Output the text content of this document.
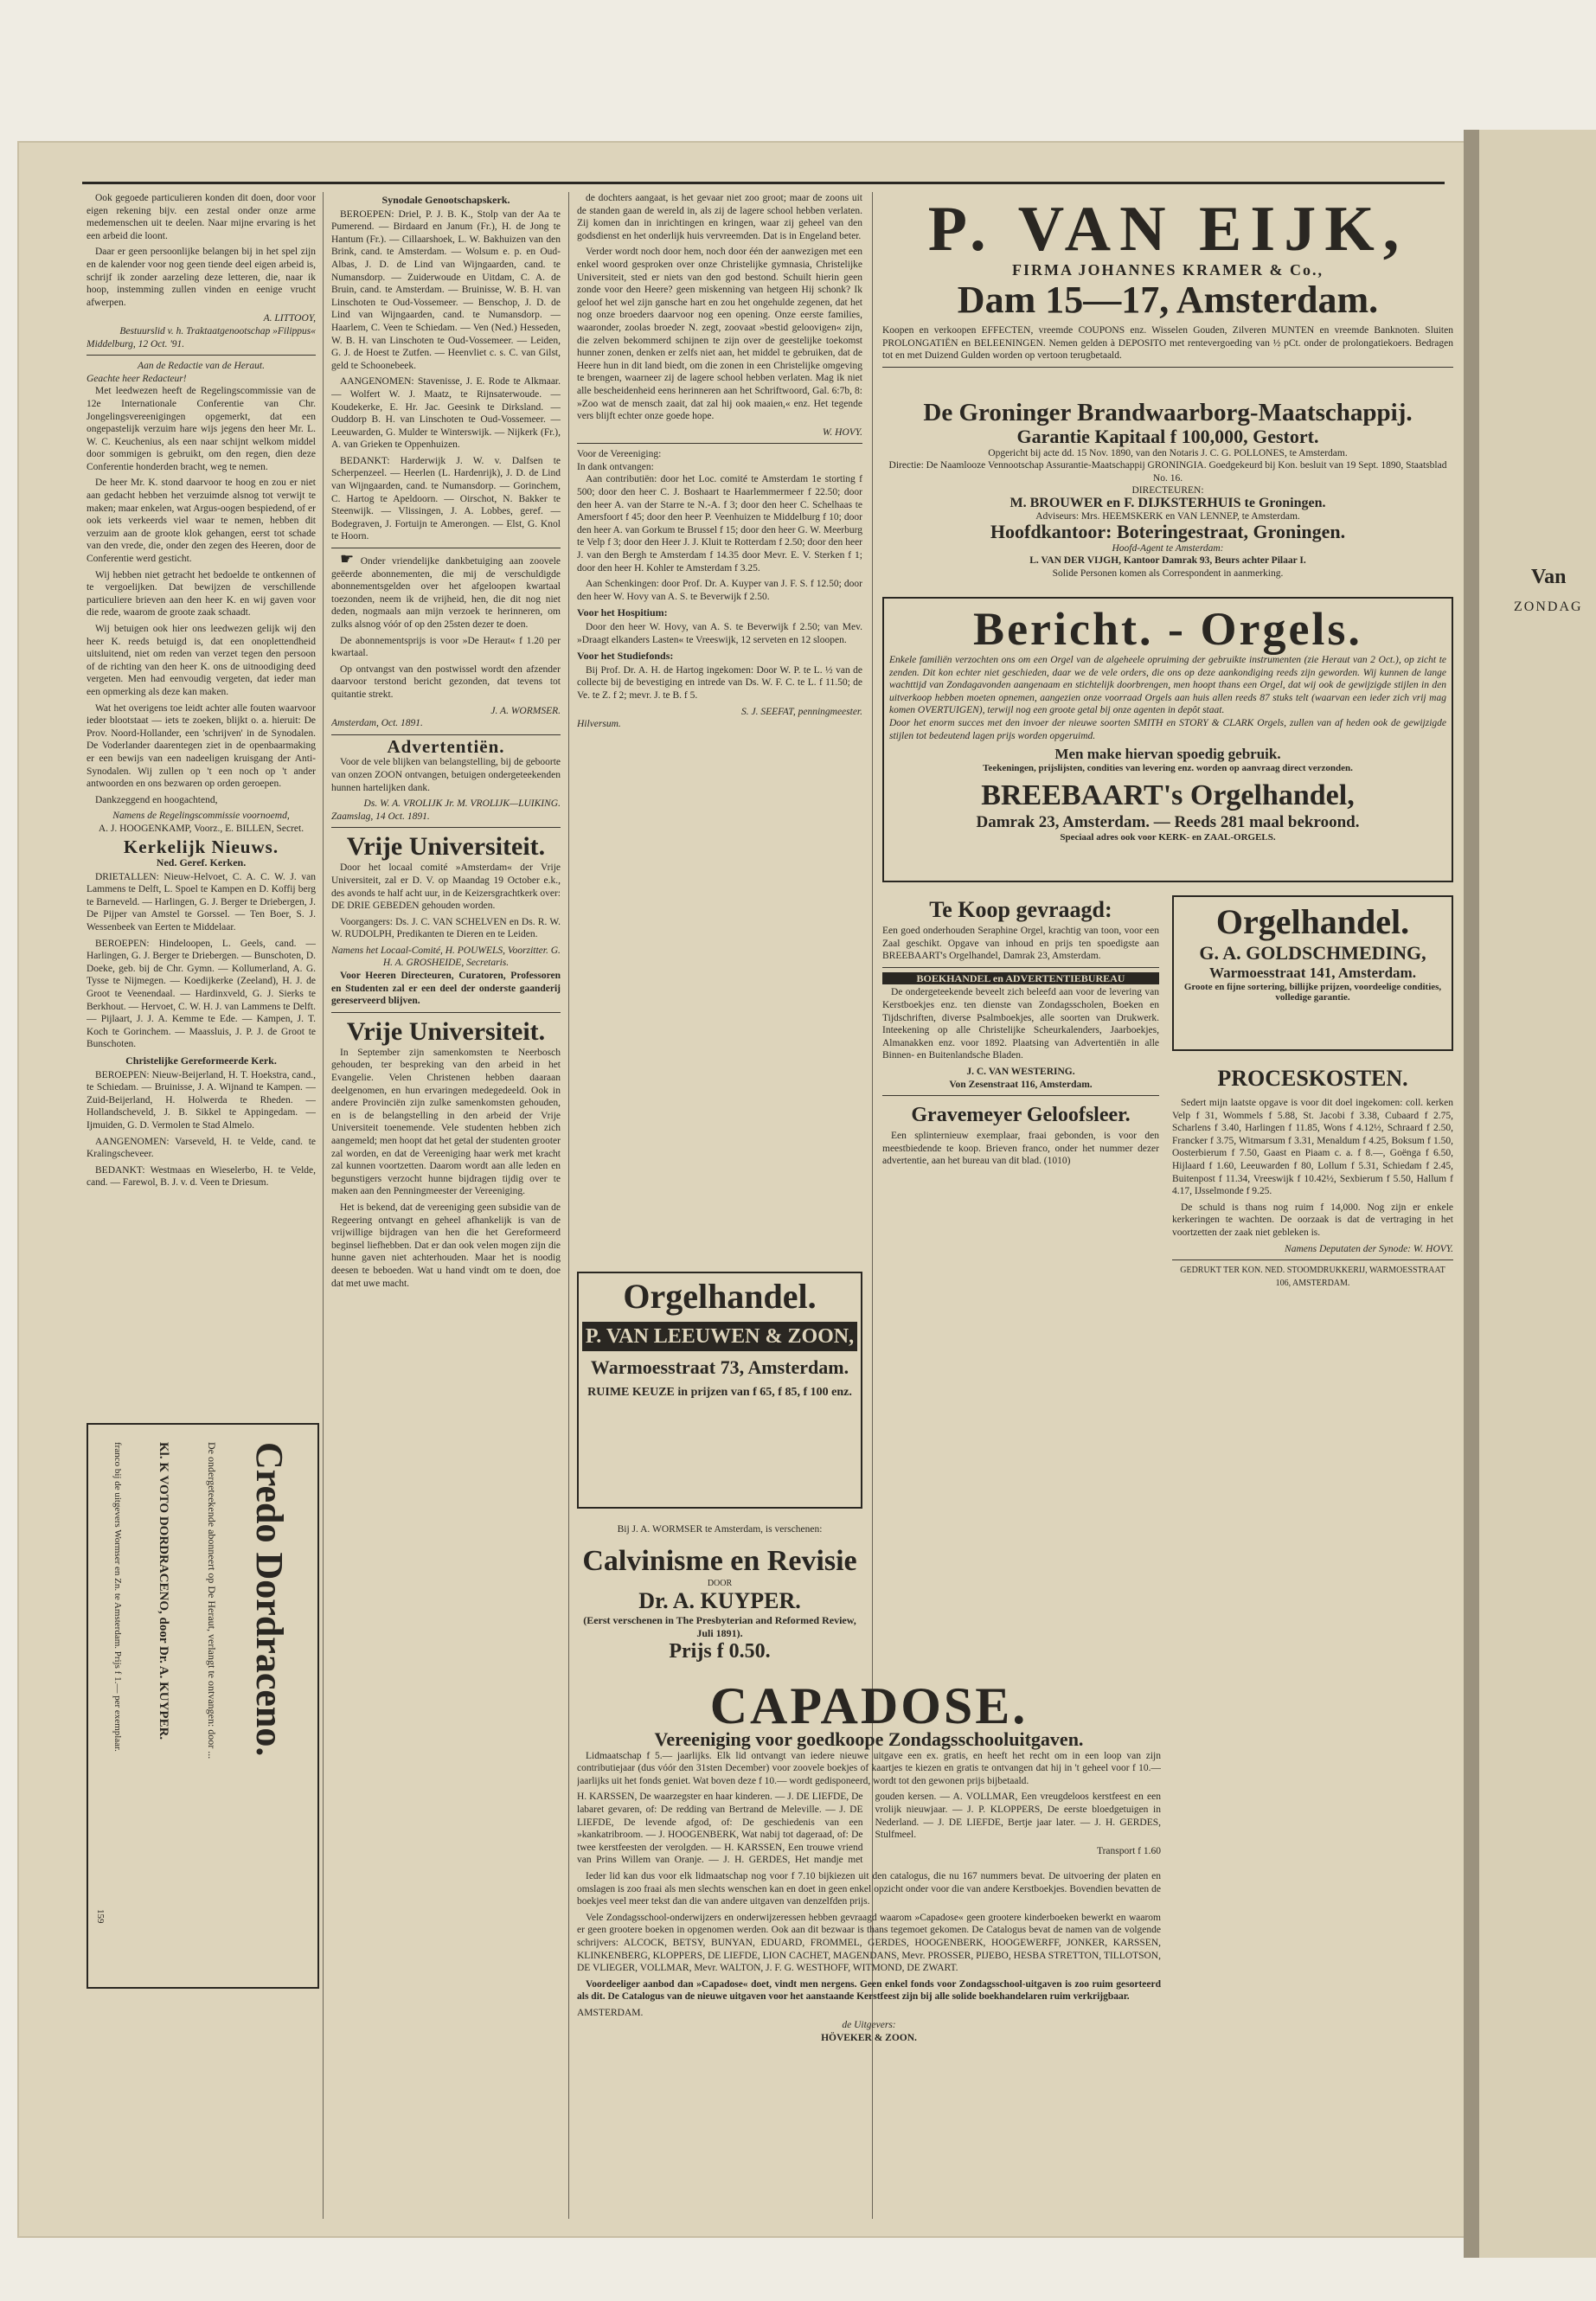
Van
ZONDAG

Ook gegoede particulieren konden dit doen, door voor eigen rekening bijv. een zestal onder onze arme medemenschen uit te deelen. Naar mijne ervaring is het een arbeid die loont.

Daar er geen persoonlijke belangen bij in het spel zijn en de kalender voor nog geen tiende deel eigen arbeid is, schrijf ik zonder aarzeling deze letteren, die, naar ik hoop, instemming zullen vinden en eenige vrucht afwerpen.

A. LITTOOY,
Bestuurslid v. h. Traktaatgenootschap »Filippus«
Middelburg, 12 Oct. '91.
Aan de Redactie van de Heraut.
Geachte heer Redacteur!

Met leedwezen heeft de Regelingscommissie van de 12e Internationale Conferentie van Chr. Jongelingsvereenigingen opgemerkt, dat een ongepastelijk verzuim hare wijs jegens den heer Mr. L. W. C. Keuchenius, als een naar schijnt welkom middel door sommigen is gebruikt, om den regen, dien deze Conferentie honderden bracht, weg te nemen.

De heer Mr. K. stond daarvoor te hoog en zou er niet aan gedacht hebben het verzuimde alsnog tot verwijt te maken; maar enkelen, wat Argus-oogen bespiedend, of er ook iets verkeerds viel waar te nemen, hebben dit verzuim aan de groote klok gehangen, eerst tot schade van den vrede, die, onder den zegen des Heeren, door de Conferentie werd gesticht.

Wij hebben niet getracht het bedoelde te ontkennen of te vergoelijken. Dat bewijzen de verschillende particuliere brieven aan den heer K. en wij gaven voor die rede, waarom de groote zaak schaadt.

Wij betuigen ook hier ons leedwezen gelijk wij den heer K. reeds betuigd is, dat een onoplettendheid uitsluitend, niet om reden van verzet tegen den persoon of de richting van den heer K. ons de uitnoodiging deed vergeten. Men had eenvoudig vergeten, dat ieder man een opmerking als deze kan maken.

Wat het overigens toe leidt achter alle fouten waarvoor ieder blootstaat — iets te zoeken, blijkt o. a. hieruit: De Prov. Noord-Hollander, een 'schrijven' in de Synodalen. De Voderlander daarentegen ziet in de openbaarmaking er een bewijs van een nadeeligen kruisgang der Anti-Synodalen. Wij zullen op 't een noch op 't ander antwoorden en ons bezwaren op orden geroepen.

Dankzeggend en hoogachtend,

Namens de Regelingscommissie voornoemd,
A. J. HOOGENKAMP, Voorz., E. BILLEN, Secret.
Kerkelijk Nieuws.
Ned. Geref. Kerken.

DRIETALLEN: Nieuw-Helvoet, C. A. C. W. J. van Lammens te Delft, L. Spoel te Kampen en D. Koffij berg te Barneveld. — Harlingen, G. J. Berger te Driebergen, J. De Pijper van Amstel te Gorssel. — Ten Boer, S. J. Wessenbeek van Eerten te Middelaar.

BEROEPEN: Hindeloopen, L. Geels, cand. — Harlingen, G. J. Berger te Driebergen. — Bunschoten, D. Doeke, geb. bij de Chr. Gymn. — Kollumerland, A. G. Tysse te Nijmegen. — Koedijkerke (Zeeland), H. J. de Groot te Veenendaal. — Hardinxveld, G. J. Sierks te Berkhout. — Hervoet, C. W. H. J. van Lammens te Delft. — Pijlaart, J. J. A. Kemme te Ede. — Kampen, J. T. Koch te Gorinchem. — Maassluis, J. P. J. de Groot te Bunschoten.

Christelijke Gereformeerde Kerk.

BEROEPEN: Nieuw-Beijerland, H. T. Hoekstra, cand., te Schiedam. — Bruinisse, J. A. Wijnand te Kampen. — Zuid-Beijerland, H. Holwerda te Rheden. — Hollandscheveld, J. B. Sikkel te Appingedam. — Ijmuiden, G. D. Vermolen te Stad Almelo.

AANGENOMEN: Varseveld, H. te Velde, cand. te Kralingscheveer.

BEDANKT: Westmaas en Wieselerbo, H. te Velde, cand. — Farewol, B. J. v. d. Veen te Driesum.

Credo Dordraceno.
De ondergeteekende abonneert op De Heraut, verlangt te ontvangen: door ...
Kl. K VOTO DORDRACENO, door Dr. A. KUYPER.
franco bij de uitgevers Wormser en Zn. te Amsterdam. Prijs f 1.— per exemplaar.
159
Synodale Genootschapskerk.

BEROEPEN: Driel, P. J. B. K., Stolp van der Aa te Pumerend. — Birdaard en Janum (Fr.), H. de Jong te Hantum (Fr.). — Cillaarshoek, L. W. Bakhuizen van den Brink, cand. te Amsterdam. — Wolsum e. p. en Oud-Albas, J. D. de Lind van Wijngaarden, cand. te Numansdorp. — Zuiderwoude en Uitdam, C. A. de Bruin, cand. te Amsterdam. — Bruinisse, W. B. H. van Linschoten te Oud-Vossemeer. — Benschop, J. D. de Lind van Wijngaarden, cand. te Numansdorp. — Haarlem, C. Veen te Schiedam. — Ven (Ned.) Hesseden, W. B. H. van Linschoten te Oud-Vossemeer. — Leiden, G. J. de Hoest te Zutfen. — Heenvliet c. s. C. van Gilst, geld te Schoonebeek.

AANGENOMEN: Stavenisse, J. E. Rode te Alkmaar. — Wolfert W. J. Maatz, te Rijnsaterwoude. — Koudekerke, E. Hr. Jac. Geesink te Dirksland. — Ouddorp B. H. van Linschoten te Oud-Vossemeer. — Leeuwarden, G. Mulder te Winterswijk. — Nijkerk (Fr.), A. van Grieken te Oppenhuizen.

BEDANKT: Harderwijk J. W. v. Dalfsen te Scherpenzeel. — Heerlen (L. Hardenrijk), J. D. de Lind van Wijngaarden, cand. te Numansdorp. — Gorinchem, C. Hartog te Apeldoorn. — Oirschot, N. Bakker te Steenwijk. — Vlissingen, J. A. Lobbes, geref. — Bodegraven, J. Fortuijn te Amerongen. — Elst, G. Knol te Hoorn.

☛ Onder vriendelijke dankbetuiging aan zoovele geëerde abonnementen, die mij de verschuldigde abonnementsgelden over het afgeloopen kwartaal toezonden, neem ik de vrijheid, hen, die dit nog niet deden, nogmaals aan mijn verzoek te herinneren, om zulks alsnog vóór of op den 25sten dezer te doen.

De abonnementsprijs is voor »De Heraut« f 1.20 per kwartaal.

Op ontvangst van den postwissel wordt den afzender daarvoor terstond bericht gezonden, dat tevens tot quitantie strekt.

J. A. WORMSER.
Amsterdam, Oct. 1891.
Advertentiën.

Voor de vele blijken van belangstelling, bij de geboorte van onzen ZOON ontvangen, betuigen ondergeteekenden hunnen hartelijken dank.

Ds. W. A. VROLIJK Jr. M. VROLIJK—LUIKING.
Zaamslag, 14 Oct. 1891.
Vrije Universiteit.

Door het locaal comité »Amsterdam« der Vrije Universiteit, zal er D. V. op Maandag 19 October e.k., des avonds te half acht uur, in de Keizersgrachtkerk over: DE DRIE GEBEDEN gehouden worden.

Voorgangers: Ds. J. C. VAN SCHELVEN en Ds. R. W. W. RUDOLPH, Predikanten te Dieren en te Leiden.

Namens het Locaal-Comité, H. POUWELS, Voorzitter. G. H. A. GROSHEIDE, Secretaris.

Voor Heeren Directeuren, Curatoren, Professoren en Studenten zal er een deel der onderste gaanderij gereserveerd blijven.

Vrije Universiteit.

In September zijn samenkomsten te Neerbosch gehouden, ter bespreking van den arbeid in het Evangelie. Velen Christenen hebben daaraan deelgenomen, en hun ervaringen medegedeeld. Ook in andere Provinciën zijn zulke samenkomsten gehouden, en is de belangstelling in den arbeid der Vrije Universiteit toenemende. Vele studenten hebben zich aangemeld; men hoopt dat het getal der studenten grooter zal worden, en dat de Vereeniging haar werk met kracht zal kunnen voortzetten. Daarom wordt aan alle leden en begunstigers verzocht hunne bijdragen tijdig over te maken aan den Penningmeester der Vereeniging.

Het is bekend, dat de vereeniging geen subsidie van de Regeering ontvangt en geheel afhankelijk is van de vrijwillige bijdragen van hen die het Gereformeerd beginsel liefhebben. Dat er dan ook velen mogen zijn die hunne gaven niet achterhouden. Maar het is noodig deesen te beboeden. Wat u hand vindt om te doen, doe dat met uwe macht.

de dochters aangaat, is het gevaar niet zoo groot; maar de zoons uit de standen gaan de wereld in, als zij de lagere school hebben verlaten. Zij komen dan in inrichtingen en kringen, waar zij geheel van den godsdienst en het onderlijk huis vervreemden. Dat is in Engeland beter.

Verder wordt noch door hem, noch door één der aanwezigen met een enkel woord gesproken over onze Christelijke gymnasia, Christelijke Universiteit, sted er niets van den god bestond. Schuilt hierin geen zonde voor den Heere? geen miskenning van hetgeen Hij schonk? Ik geloof het wel zijn gansche hart en zou het ongehulde zegenen, dat het nog onze broeders daarvoor nog een opening. Onze eerste families, waaronder, zoolas broeder N. zegt, zoovaat »bestid geloovigen« zijn, die zelven bekommerd schijnen te zijn over de geestelijke toekomst hunner zonen, denken er zelfs niet aan, het middel te gebruiken, dat de Heere hun in dit land biedt, om die zonen in een Christelijke omgeving te brengen, waarneer zij de lagere school hebben verlaten. Mag ik niet alle bescheidenheid eens herinneren aan het Schriftwoord, Gal. 6:7b, 8: »Zoo wat de mensch zaait, dat zal hij ook maaien,« enz. Het tegende vers blijft echter onze goede hope.

W. HOVY.
Voor de Vereeniging:
In dank ontvangen:

Aan contributiën: door het Loc. comité te Amsterdam 1e storting f 500; door den heer C. J. Boshaart te Haarlemmermeer f 22.50; door den heer A. van der Starre te N.-A. f 3; door den heer C. Schelhaas te Amersfoort f 45; door den heer P. Veenhuizen te Middelburg f 10; door den heer A. van Gorkum te Brussel f 15; door den heer G. W. Meerburg te Velp f 3; door den Heer J. J. Kluit te Rotterdam f 2.50; door den heer J. van den Bergh te Amsterdam f 14.35 door Mevr. E. V. Sterken f 1; door den heer H. Kohler te Amsterdam f 3.25.

Aan Schenkingen: door Prof. Dr. A. Kuyper van J. F. S. f 12.50; door den heer W. Hovy van A. S. te Beverwijk f 2.50.

Voor het Hospitium:

Door den heer W. Hovy, van A. S. te Beverwijk f 2.50; van Mev. »Draagt elkanders Lasten« te Vreeswijk, 12 serveten en 12 sloopen.

Voor het Studiefonds:

Bij Prof. Dr. A. H. de Hartog ingekomen: Door W. P. te L. ½ van de collecte bij de bevestiging en intrede van Ds. W. F. C. te L. f 11.50; de Ve. te Z. f 2; mevr. J. te B. f 5.

S. J. SEEFAT, penningmeester.
Hilversum.
Orgelhandel.
P. VAN LEEUWEN & ZOON,
Warmoesstraat 73, Amsterdam.
RUIME KEUZE in prijzen van f 65, f 85, f 100 enz.
Bij J. A. WORMSER te Amsterdam, is verschenen:
Calvinisme en Revisie
DOOR
Dr. A. KUYPER.
(Eerst verschenen in The Presbyterian and Reformed Review, Juli 1891).
Prijs f 0.50.
P. VAN EIJK,
FIRMA JOHANNES KRAMER & Co.,
Dam 15—17, Amsterdam.
Koopen en verkoopen EFFECTEN, vreemde COUPONS enz. Wisselen Gouden, Zilveren MUNTEN en vreemde Banknoten. Sluiten PROLONGATIËN en BELEENINGEN. Nemen gelden à DEPOSITO met rentevergoeding van ½ pCt. onder de prolongatiekoers. Bedragen tot en met Duizend Gulden worden op vertoon terugbetaald.
De Groninger Brandwaarborg-Maatschappij.
Garantie Kapitaal f 100,000, Gestort.
Opgericht bij acte dd. 15 Nov. 1890, van den Notaris J. C. G. POLLONES, te Amsterdam.
Directie: De Naamlooze Vennootschap Assurantie-Maatschappij GRONINGIA. Goedgekeurd bij Kon. besluit van 19 Sept. 1890, Staatsblad No. 16.
DIRECTEUREN:
M. BROUWER en F. DIJKSTERHUIS te Groningen.
Adviseurs: Mrs. HEEMSKERK en VAN LENNEP, te Amsterdam.
Hoofdkantoor: Boteringestraat, Groningen.
Hoofd-Agent te Amsterdam:
L. VAN DER VIJGH, Kantoor Damrak 93, Beurs achter Pilaar I.
Solide Personen komen als Correspondent in aanmerking.
Bericht. - Orgels.
Enkele familiën verzochten ons om een Orgel van de algeheele opruiming der gebruikte instrumenten (zie Heraut van 2 Oct.), op zicht te zenden. Dit kon echter niet geschieden, daar we de vele orders, die ons op deze aankondiging reeds zijn geworden. Wij kunnen de lange wachttijd van Zondagavonden aangenaam en stichtelijk doorbrengen, men hoopt thans een Orgel, dat wij ook de gewijzigde stijlen in den uitverkoop hebben moeten opnemen, aangezien onze voorraad Orgels aan huis allen reeds 87 stuks telt (waarvan een ieder zich vrij mag komen OVERTUIGEN), terwijl nog een groote getal bij onze agenten in depôt staat.
Door het enorm succes met den invoer der nieuwe soorten SMITH en STORY & CLARK Orgels, zullen van af heden ook de gewijzigde stijlen tot bedeutend lagen prijs worden opgeruimd.
Men make hiervan spoedig gebruik.
Teekeningen, prijslijsten, condities van levering enz. worden op aanvraag direct verzonden.
BREEBAART's Orgelhandel,
Damrak 23, Amsterdam. — Reeds 281 maal bekroond.
Speciaal adres ook voor KERK- en ZAAL-ORGELS.
Te Koop gevraagd:

Een goed onderhouden Seraphine Orgel, krachtig van toon, voor een Zaal geschikt. Opgave van inhoud en prijs ten spoedigste aan BREEBAART's Orgelhandel, Damrak 23, Amsterdam.

BOEKHANDEL en ADVERTENTIEBUREAU

De ondergeteekende beveelt zich beleefd aan voor de levering van Kerstboekjes enz. ten dienste van Zondagsscholen, Boeken en Tijdschriften, diverse Psalmboekjes, alle soorten van Drukwerk. Inteekening op alle Christelijke Scheurkalenders, Jaarboekjes, Almanakken enz. voor 1892. Plaatsing van Advertentiën in alle Binnen- en Buitenlandsche Bladen.

J. C. VAN WESTERING.
Von Zesenstraat 116, Amsterdam.
Gravemeyer Geloofsleer.

Een splinternieuw exemplaar, fraai gebonden, is voor den meestbiedende te koop. Brieven franco, onder het nummer dezer advertentie, aan het bureau van dit blad. (1010)

Orgelhandel.
G. A. GOLDSCHMEDING,
Warmoesstraat 141, Amsterdam.
Groote en fijne sortering, billijke prijzen, voordeelige condities, volledige garantie.
PROCESKOSTEN.

Sedert mijn laatste opgave is voor dit doel ingekomen: coll. kerken Velp f 31, Wommels f 5.88, St. Jacobi f 3.38, Cubaard f 2.75, Scharlens f 3.40, Harlingen f 11.85, Wons f 4.12½, Schraard f 2.50, Francker f 3.75, Witmarsum f 3.31, Menaldum f 4.25, Boksum f 1.50, Oosterbierum f 7.50, Gaast en Piaam c. a. f 8.—, Goënga f 6.50, Hijlaard f 1.60, Leeuwarden f 80, Lollum f 5.31, Schiedam f 2.45, Buitenpost f 11.34, Vreeswijk f 10.42½, Sexbierum f 5.50, Hallum f 4.17, IJsselmonde f 9.25.

De schuld is thans nog ruim f 14,000. Nog zijn er enkele kerkeringen te wachten. De oorzaak is dat de vertraging in het voortzetten der zaak niet gebleken is.

Namens Deputaten der Synode: W. HOVY.
GEDRUKT TER KON. NED. STOOMDRUKKERIJ, WARMOESSTRAAT 106, AMSTERDAM.
CAPADOSE.
Vereeniging voor goedkoope Zondagsschooluitgaven.

Lidmaatschap f 5.— jaarlijks. Elk lid ontvangt van iedere nieuwe uitgave een ex. gratis, en heeft het recht om in een loop van zijn contributiejaar (dus vóór den 31sten December) voor zoovele boekjes of kaartjes te kiezen en gratis te ontvangen dat hij in 't geheel voor f 10.— jaarlijks uit het fonds geniet. Wat boven deze f 10.— wordt gedisponeerd, wordt tot den gewonen prijs bijbetaald.

H. KARSSEN, De waarzegster en haar kinderen. — J. DE LIEFDE, De labaret gevaren, of: De redding van Bertrand de Meleville. — J. DE LIEFDE, De levende afgod, of: De geschiedenis van een »kankatribroom. — J. HOOGENBERK, Wat nabij tot dageraad, of: De twee kerstfeesten der verolgden. — H. KARSSEN, Een trouwe vriend van Prins Willem van Oranje. — J. H. GERDES, Het mandje met gouden kersen. — A. VOLLMAR, Een vreugdeloos kerstfeest en een vrolijk nieuwjaar. — J. P. KLOPPERS, De eerste bloedgetuigen in Nederland. — J. DE LIEFDE, Bertje jaar later. — J. H. GERDES, Stulfmeel.

Transport f 1.60

Ieder lid kan dus voor elk lidmaatschap nog voor f 7.10 bijkiezen uit den catalogus, die nu 167 nummers bevat. De uitvoering der platen en omslagen is zoo fraai als men slechts wenschen kan en doet in geen enkel opzicht onder voor die van andere Kerstboekjes. Bovendien bevatten de boekjes veel meer tekst dan die van andere uitgaven van denzelfden prijs.

Vele Zondagsschool-onderwijzers en onderwijzeressen hebben gevraagd waarom »Capadose« geen grootere kinderboeken bewerkt en waarom er geen grootere boeken in opgenomen werden. Ook aan dit bezwaar is thans tegemoet gekomen. De Catalogus bevat de namen van de volgende schrijvers: ALCOCK, BETSY, BUNYAN, EDUARD, FROMMEL, GERDES, HOOGENBERK, HOOGEWERFF, JONKER, KARSSEN, KLINKENBERG, KLOPPERS, DE LIEFDE, LION CACHET, MAGENDANS, Mevr. PROSSER, PIJEBO, HESBA STRETTON, TILLOTSON, DE VLIEGER, VOLLMAR, Mevr. WALTON, J. F. G. WESTHOFF, WITMOND, DE ZWART.

Voordeeliger aanbod dan »Capadose« doet, vindt men nergens. Geen enkel fonds voor Zondagsschool-uitgaven is zoo ruim gesorteerd als dit. De Catalogus van de nieuwe uitgaven voor het aanstaande Kerstfeest zijn bij alle solide boekhandelaren ruim verkrijgbaar.

AMSTERDAM.
de Uitgevers:
HÖVEKER & ZOON.
